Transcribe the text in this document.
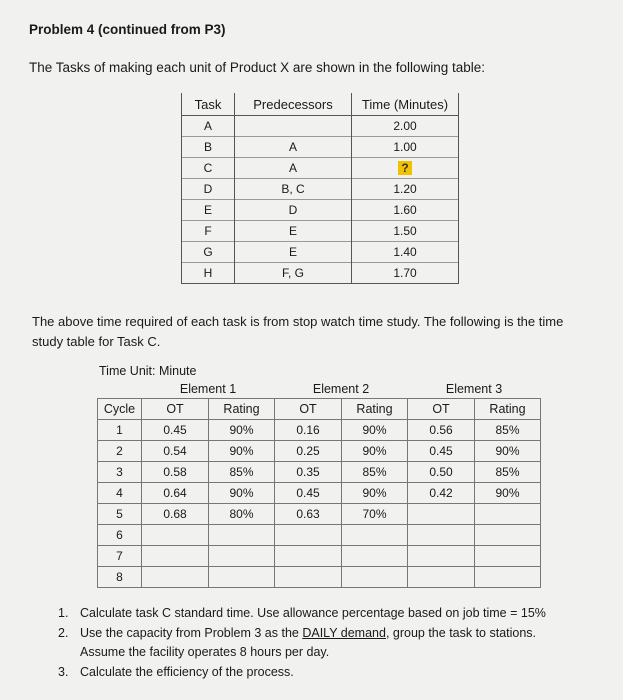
Problem 4 (continued from P3)
The Tasks of making each unit of Product X are shown in the following table:
Task	Predecessors	Time (Minutes)
A		2.00
B	A	1.00
C	A	?
D	B, C	1.20
E	D	1.60
F	E	1.50
G	E	1.40
H	F, G	1.70
The above time required of each task is from stop watch time study. The following is the time study table for Task C.
Time Unit: Minute
	Element 1		Element 2		Element 3	
Cycle	OT	Rating	OT	Rating	OT	Rating
1	0.45	90%	0.16	90%	0.56	85%
2	0.54	90%	0.25	90%	0.45	90%
3	0.58	85%	0.35	85%	0.50	85%
4	0.64	90%	0.45	90%	0.42	90%
5	0.68	80%	0.63	70%		
6						
7						
8						
1. Calculate task C standard time. Use allowance percentage based on job time = 15%
2. Use the capacity from Problem 3 as the DAILY demand, group the task to stations.
Assume the facility operates 8 hours per day.
3. Calculate the efficiency of the process.
